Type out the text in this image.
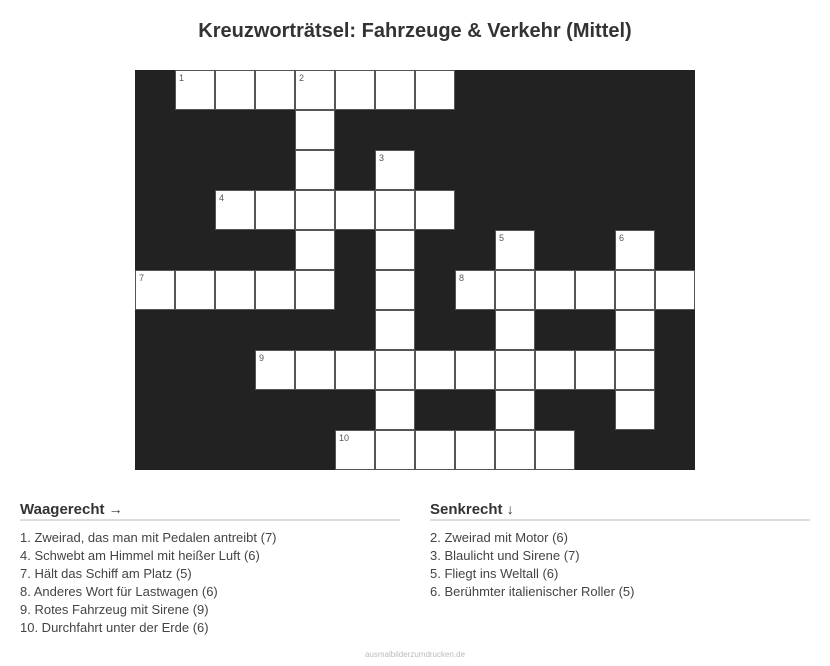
Kreuzworträtsel: Fahrzeuge & Verkehr (Mittel)
1	2
3
4
5	6
7	8
9
10
Waagerecht →
1. Zweirad, das man mit Pedalen antreibt (7)
4. Schwebt am Himmel mit heißer Luft (6)
7. Hält das Schiff am Platz (5)
8. Anderes Wort für Lastwagen (6)
9. Rotes Fahrzeug mit Sirene (9)
10. Durchfahrt unter der Erde (6)
Senkrecht ↓
2. Zweirad mit Motor (6)
3. Blaulicht und Sirene (7)
5. Fliegt ins Weltall (6)
6. Berühmter italienischer Roller (5)
ausmalbilderzumdrucken.de
